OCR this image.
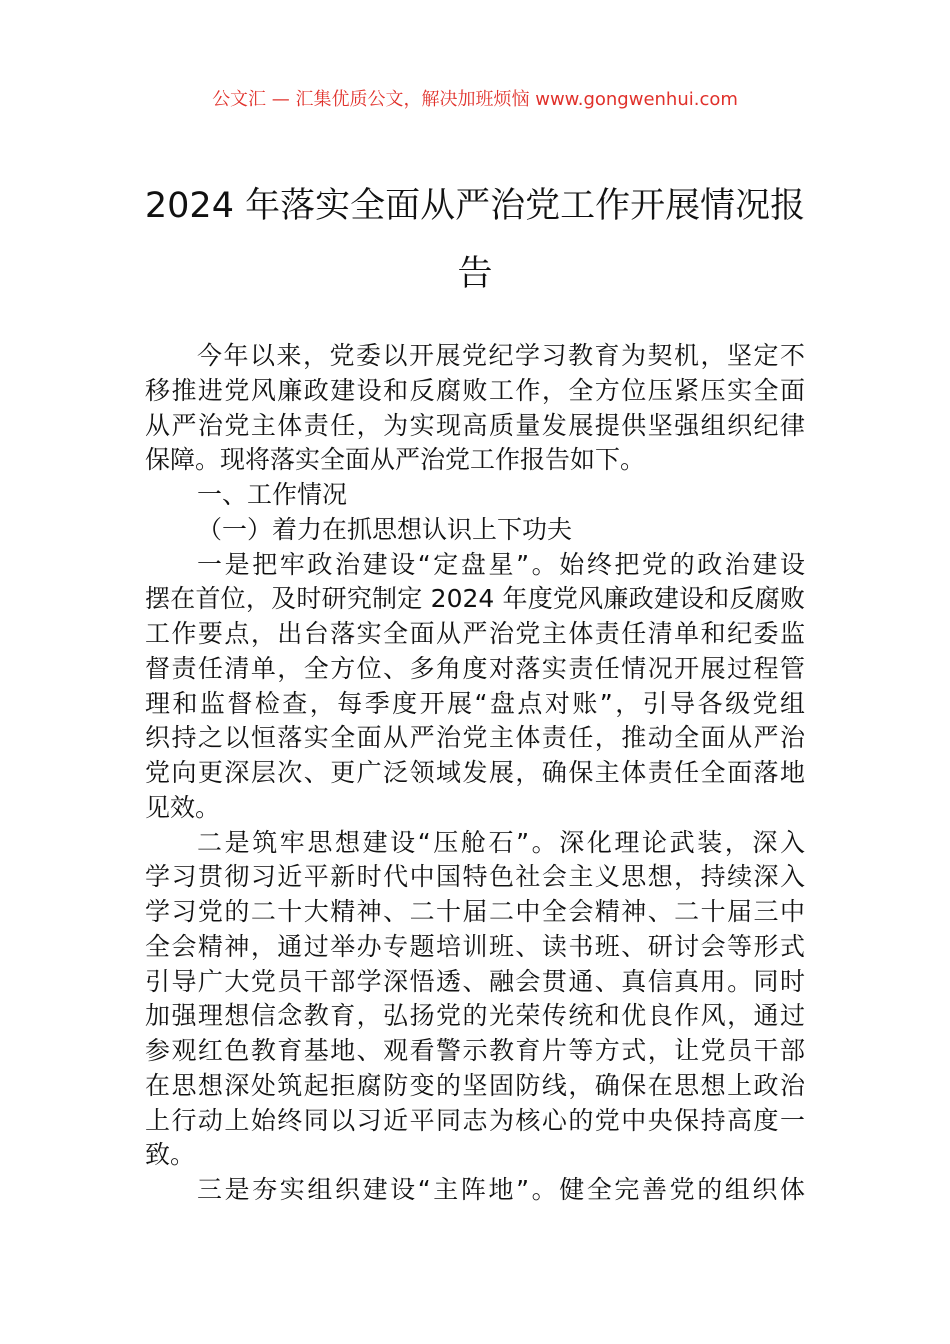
公文汇 — 汇集优质公文，解决加班烦恼 www.gongwenhui.com
2024 年落实全面从严治党工作开展情况报
告
今年以来，党委以开展党纪学习教育为契机，坚定不
移推进党风廉政建设和反腐败工作，全方位压紧压实全面
从严治党主体责任，为实现高质量发展提供坚强组织纪律
保障。现将落实全面从严治党工作报告如下。
一、工作情况
（一）着力在抓思想认识上下功夫
一是把牢政治建设“定盘星”。始终把党的政治建设
摆在首位，及时研究制定 2024 年度党风廉政建设和反腐败
工作要点，出台落实全面从严治党主体责任清单和纪委监
督责任清单，全方位、多角度对落实责任情况开展过程管
理和监督检查，每季度开展“盘点对账”，引导各级党组
织持之以恒落实全面从严治党主体责任，推动全面从严治
党向更深层次、更广泛领域发展，确保主体责任全面落地
见效。
二是筑牢思想建设“压舱石”。深化理论武装，深入
学习贯彻习近平新时代中国特色社会主义思想，持续深入
学习党的二十大精神、二十届二中全会精神、二十届三中
全会精神，通过举办专题培训班、读书班、研讨会等形式
引导广大党员干部学深悟透、融会贯通、真信真用。同时
加强理想信念教育，弘扬党的光荣传统和优良作风，通过
参观红色教育基地、观看警示教育片等方式，让党员干部
在思想深处筑起拒腐防变的坚固防线，确保在思想上政治
上行动上始终同以习近平同志为核心的党中央保持高度一
致。
三是夯实组织建设“主阵地”。健全完善党的组织体
